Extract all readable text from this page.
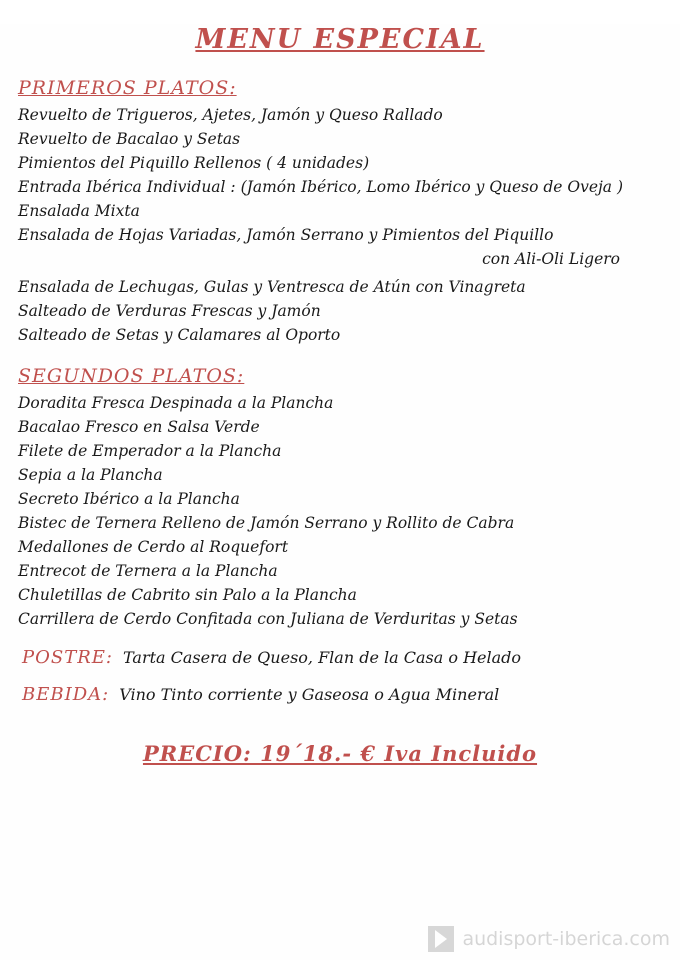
MENU ESPECIAL
PRIMEROS PLATOS:
Revuelto de Trigueros, Ajetes, Jamón y Queso Rallado
Revuelto de Bacalao y Setas
Pimientos del Piquillo Rellenos ( 4 unidades)
Entrada Ibérica Individual : (Jamón Ibérico, Lomo Ibérico y Queso de Oveja )
Ensalada Mixta
Ensalada de Hojas Variadas, Jamón Serrano y Pimientos del Piquillo
con Ali-Oli Ligero
Ensalada de Lechugas, Gulas y Ventresca de Atún con Vinagreta
Salteado de Verduras Frescas y Jamón
Salteado de Setas y Calamares al Oporto
SEGUNDOS PLATOS:
Doradita Fresca Despinada a la Plancha
Bacalao Fresco en Salsa Verde
Filete de Emperador a la Plancha
Sepia a la Plancha
Secreto Ibérico a la Plancha
Bistec de Ternera Relleno de Jamón Serrano y Rollito de Cabra
Medallones de Cerdo al Roquefort
Entrecot de Ternera a la Plancha
Chuletillas de Cabrito sin Palo a la Plancha
Carrillera de Cerdo Confitada con Juliana de Verduritas y Setas
POSTRE: Tarta Casera de Queso, Flan de la Casa o Helado
BEBIDA: Vino Tinto corriente y Gaseosa o Agua Mineral
PRECIO: 19´18.- € Iva Incluido
audisport-iberica.com
